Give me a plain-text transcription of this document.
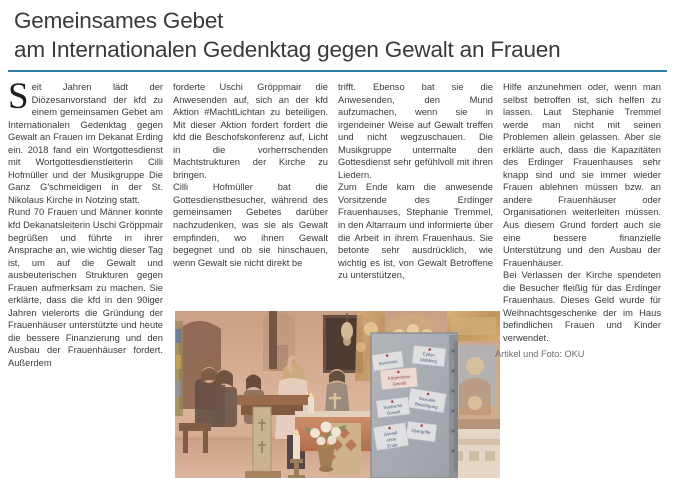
Gemeinsames Gebet
am Internationalen Gedenktag gegen Gewalt an Frauen

Seit Jahren lädt der Diözesanvorstand der kfd zu einem gemeinsamen Gebet am Internationalen Gedenktag gegen Gewalt an Frauen im Dekanat Erding ein. 2018 fand ein Wortgottesdienst mit Wortgottesdienstleiterin Cilli Hofmüller und der Musikgruppe Die Ganz G′schmeidigen in der St. Nikolaus Kirche in Notzing statt.

Rund 70 Frauen und Männer konnte kfd Dekanatsleiterin Uschi Gröppmair begrüßen und führte in ihrer Ansprache an, wie wichtig dieser Tag ist, um auf die Gewalt und ausbeuterischen Strukturen gegen Frauen aufmerksam zu machen. Sie erklärte, dass die kfd in den 90iger Jahren vielerorts die Gründung der Frauenhäuser unterstützte und heute die bessere Finanzierung und den Ausbau der Frauenhäuser fordert. Außerdem

forderte Uschi Gröppmair die Anwesenden auf, sich an der kfd Aktion #MachtLichtan zu beteiligen. Mit dieser Aktion fordert fordert die kfd die Beschofskonferenz auf, Licht in die vorherrschenden Machtstrukturen der Kirche zu bringen.

Cilli Hofmüller bat die Gottesdienstbesucher, während des gemeinsamen Gebetes darüber nachzudenken, was sie als Gewalt empfinden, wo ihnen Gewalt begegnet und ob sie hinschauen, wenn Gewalt sie nicht direkt be

trifft. Ebenso bat sie die Anwesenden, den Mund aufzumachen, wenn sie in irgendeiner Weise auf Gewalt treffen und nicht wegzuschauen. Die Musikgruppe untermalte den Gottesdienst sehr gefühlvoll mit ihren Liedern.

Zum Ende kam die anwesende Vorsitzende des Erdinger Frauenhauses, Stephanie Tremmel, in den Altarraum und informierte über die Arbeit in ihrem Frauenhaus. Sie betonte sehr ausdrücklich, wie wichtig es ist, von Gewalt Betroffene zu unterstützen,

Hilfe anzunehmen oder, wenn man selbst betroffen ist, sich helfen zu lassen. Laut Stephanie Tremmel werde man nicht mit seinen Problemen allein gelassen. Aber sie erklärte auch, dass die Kapazitäten des Erdinger Frauenhauses sehr knapp sind und sie immer wieder Frauen ablehnen müssen bzw. an andere Frauenhäuser oder Organisationen weiterleiten müssen. Aus diesem Grund fordert auch sie eine bessere finanzielle Unterstützung und den Ausbau der Frauenhäuser.

Bei Verlassen der Kirche spendeten die Besucher fleißig für das Erdinger Frauenhaus. Dieses Geld wurde für Weihnachtsgeschenke der im Haus befindlichen Frauen und Kinder verwendet.

Sexismus
Cyber-
Mobbing
Körperliche
Gewalt
Sexuelle
Belästigung
Seelische
Gewalt
Übergriffe
Gewalt
ohne
Ende
Artikel und Foto: OKU
